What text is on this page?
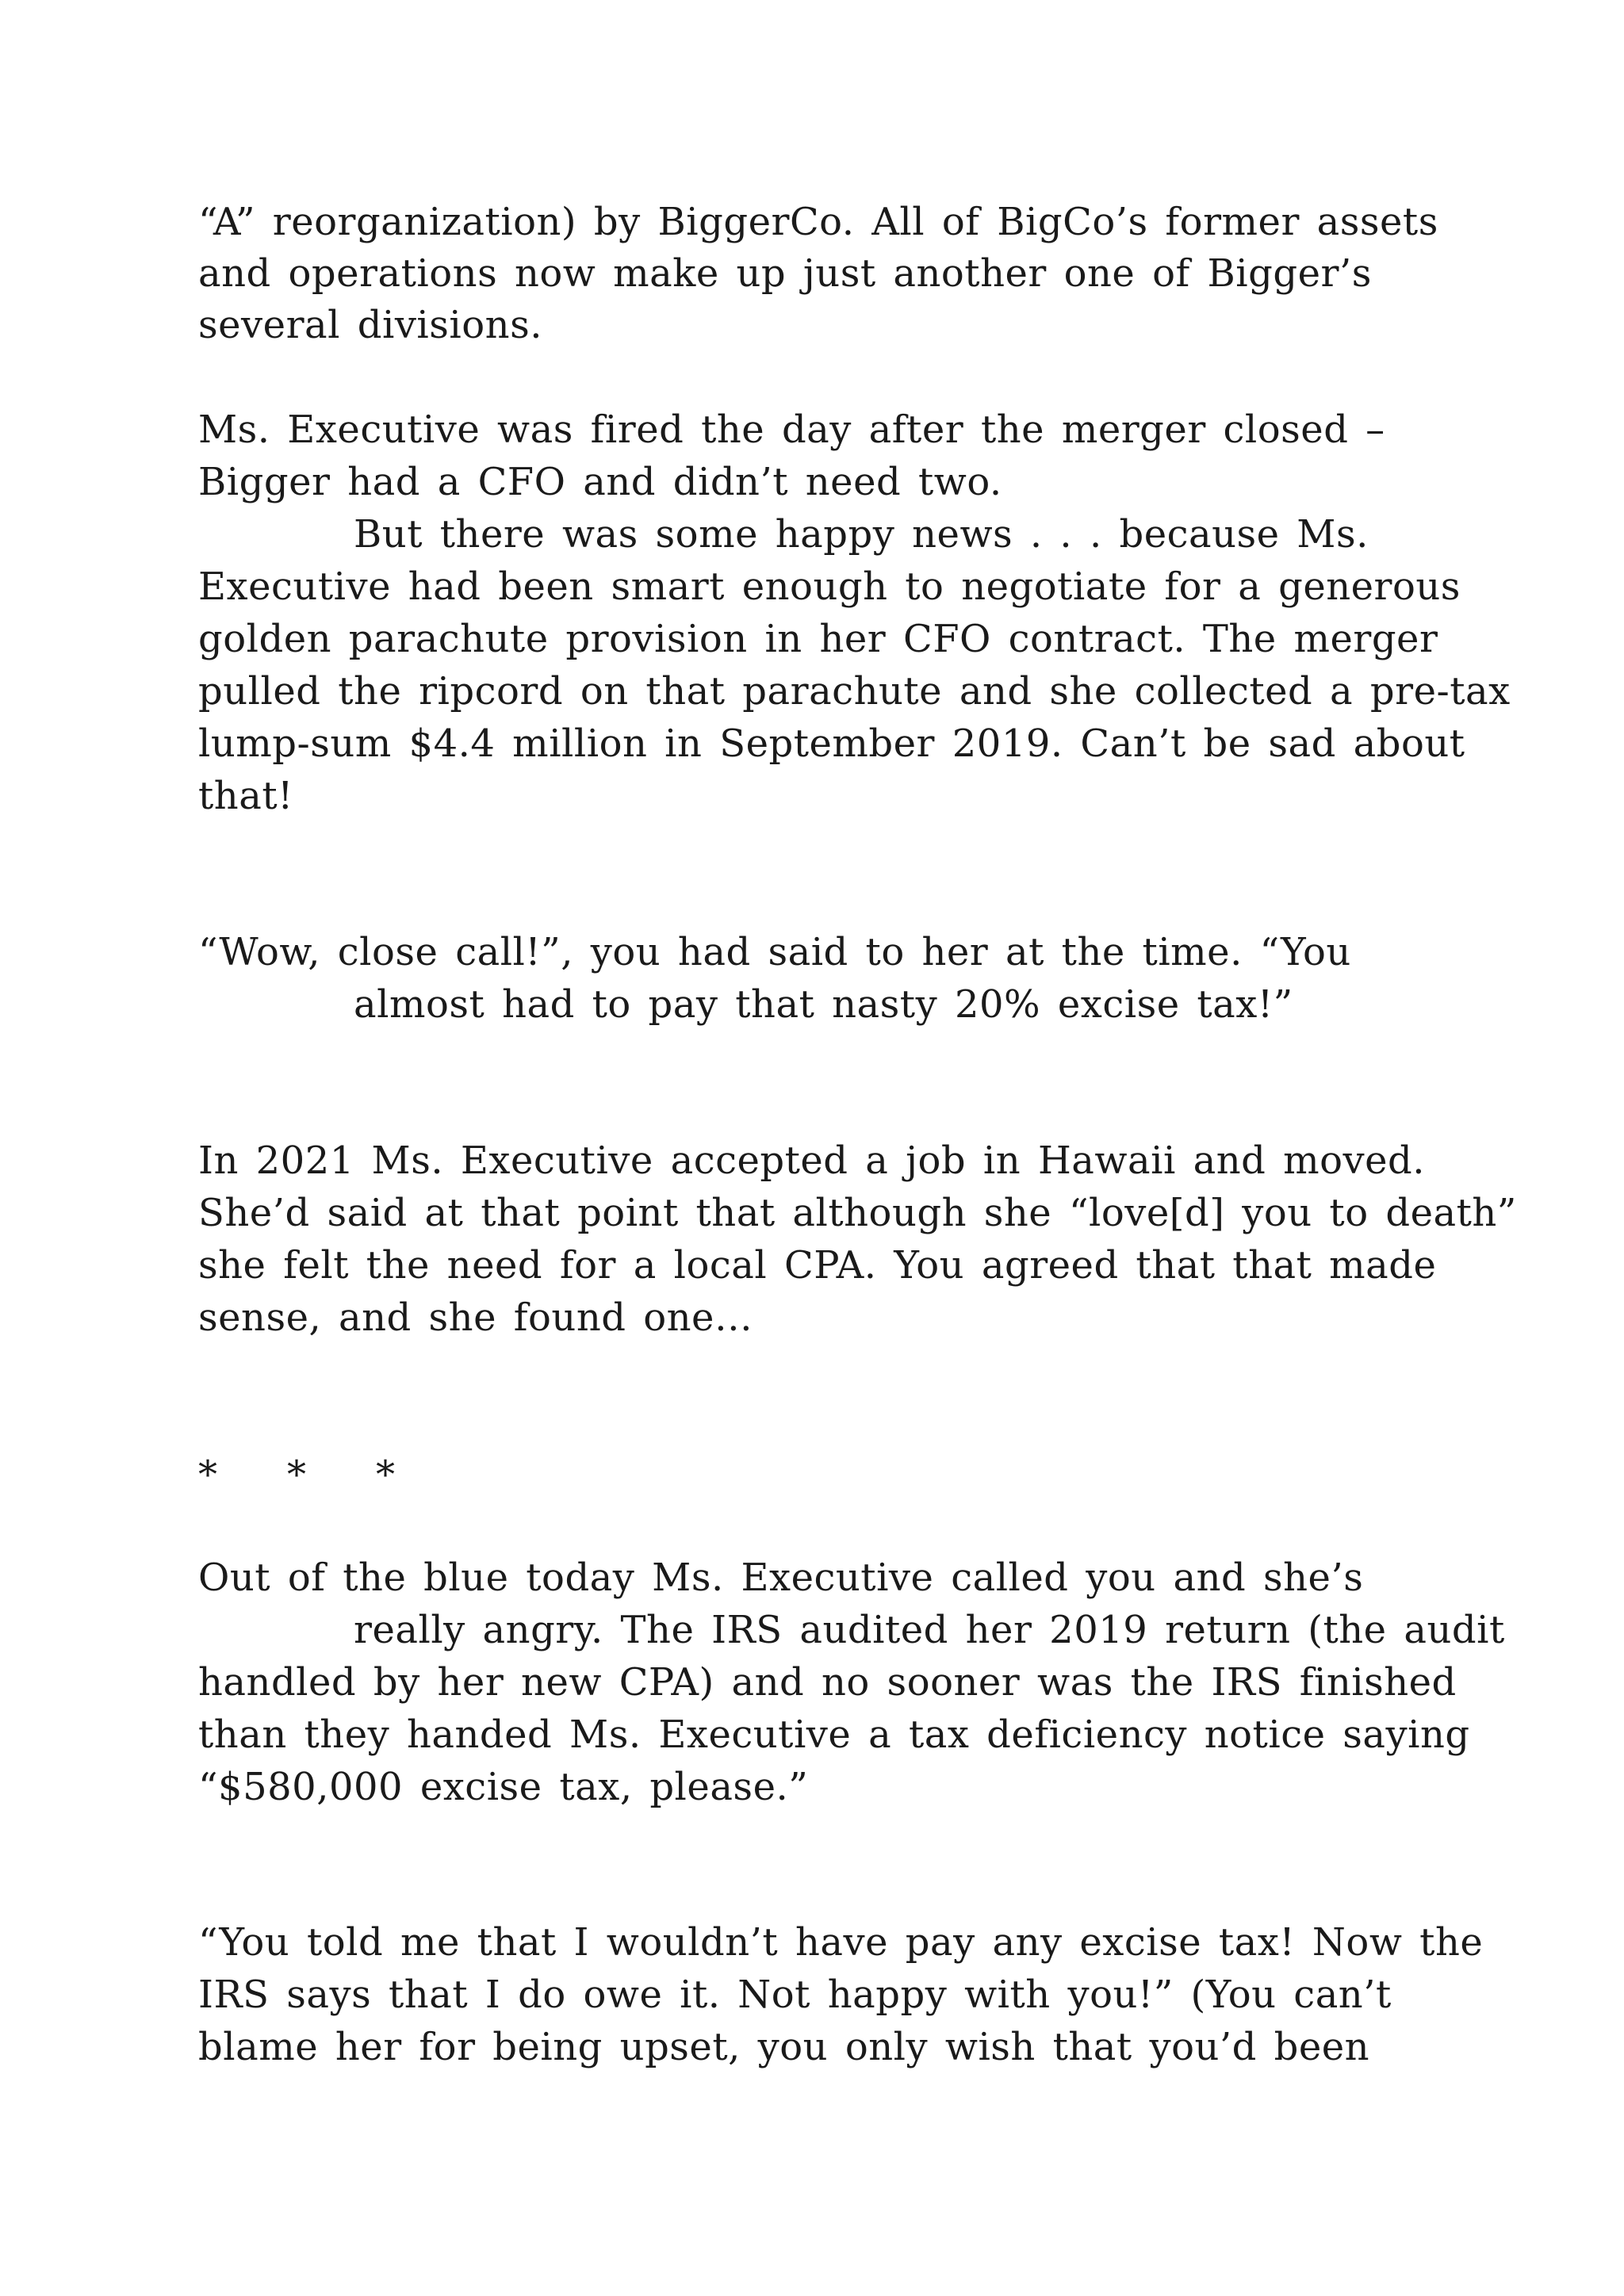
“A” reorganization) by BiggerCo. All of BigCo’s former assets

and operations now make up just another one of Bigger’s

several divisions.

Ms. Executive was fired the day after the merger closed –

Bigger had a CFO and didn’t need two.

But there was some happy news . . . because Ms.

Executive had been smart enough to negotiate for a generous

golden parachute provision in her CFO contract. The merger

pulled the ripcord on that parachute and she collected a pre-tax

lump-sum $4.4 million in September 2019. Can’t be sad about

that!

“Wow, close call!”, you had said to her at the time. “You

almost had to pay that nasty 20% excise tax!”

In 2021 Ms. Executive accepted a job in Hawaii and moved.

She’d said at that point that although she “love[d] you to death”

she felt the need for a local CPA. You agreed that that made

sense, and she found one…

* * *

Out of the blue today Ms. Executive called you and she’s

really angry. The IRS audited her 2019 return (the audit

handled by her new CPA) and no sooner was the IRS finished

than they handed Ms. Executive a tax deficiency notice saying

“$580,000 excise tax, please.”

“You told me that I wouldn’t have pay any excise tax! Now the

IRS says that I do owe it. Not happy with you!” (You can’t

blame her for being upset, you only wish that you’d been
